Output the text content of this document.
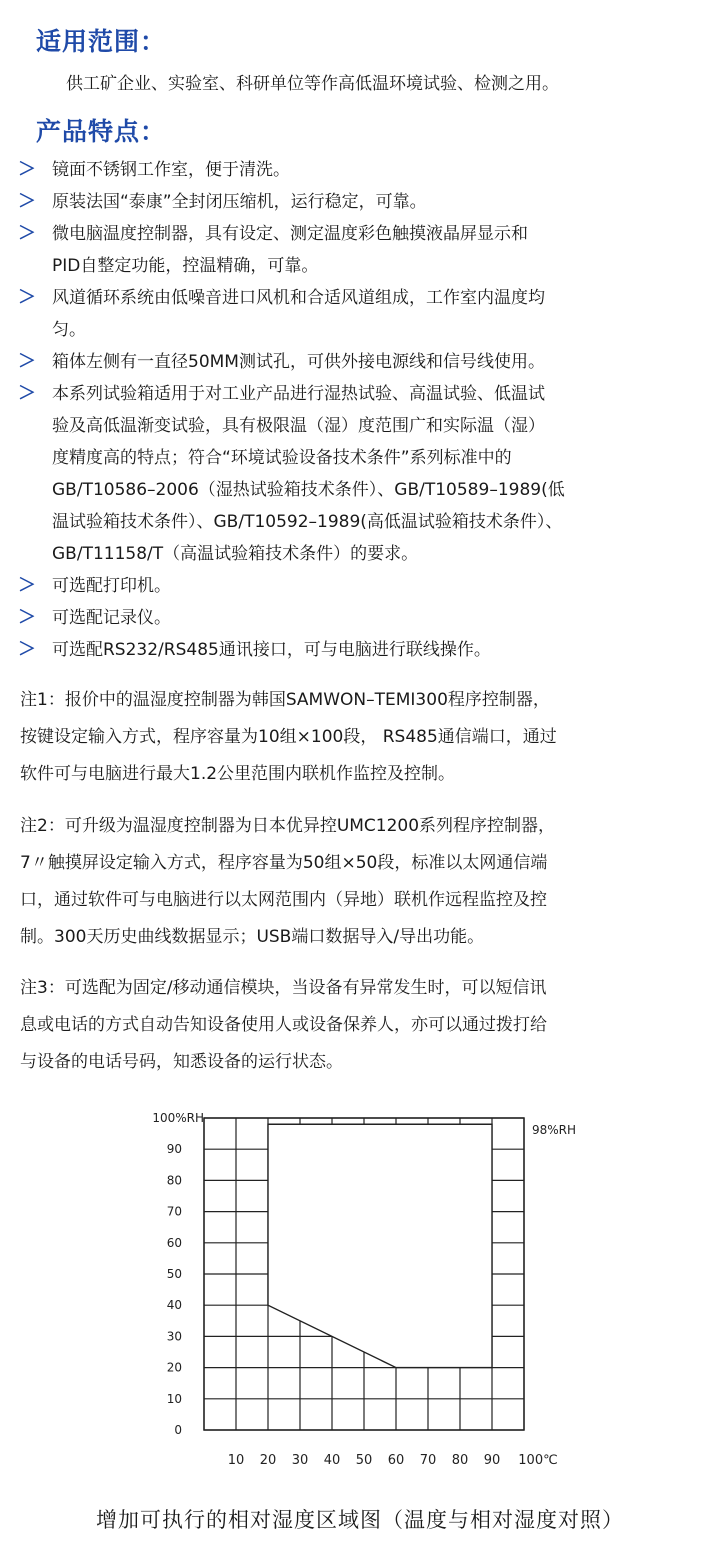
适用范围：
供工矿企业、实验室、科研单位等作高低温环境试验、检测之用。
产品特点：
＞ 镜面不锈钢工作室，便于清洗。
＞ 原装法国“泰康”全封闭压缩机，运行稳定，可靠。
＞ 微电脑温度控制器，具有设定、测定温度彩色触摸液晶屏显示和
PID自整定功能，控温精确，可靠。
＞ 风道循环系统由低噪音进口风机和合适风道组成，工作室内温度均
匀。
＞ 箱体左侧有一直径50MM测试孔，可供外接电源线和信号线使用。
＞ 本系列试验箱适用于对工业产品进行湿热试验、高温试验、低温试
验及高低温渐变试验，具有极限温（湿）度范围广和实际温（湿）
度精度高的特点；符合“环境试验设备技术条件”系列标准中的
GB/T10586–2006（湿热试验箱技术条件）、GB/T10589–1989(低
温试验箱技术条件）、GB/T10592–1989(高低温试验箱技术条件）、
GB/T11158/T（高温试验箱技术条件）的要求。
＞ 可选配打印机。
＞ 可选配记录仪。
＞ 可选配RS232/RS485通讯接口，可与电脑进行联线操作。
注1：报价中的温湿度控制器为韩国SAMWON–TEMI300程序控制器，
按键设定输入方式，程序容量为10组×100段， RS485通信端口，通过
软件可与电脑进行最大1.2公里范围内联机作监控及控制。
注2：可升级为温湿度控制器为日本优异控UMC1200系列程序控制器，
7〃触摸屏设定输入方式，程序容量为50组×50段，标准以太网通信端
口，通过软件可与电脑进行以太网范围内（异地）联机作远程监控及控
制。300天历史曲线数据显示；USB端口数据导入/导出功能。
注3：可选配为固定/移动通信模块，当设备有异常发生时，可以短信讯
息或电话的方式自动告知设备使用人或设备保养人，亦可以通过拨打给
与设备的电话号码，知悉设备的运行状态。
0
10
20
30
40
50
60
70
80
90
100%RH
10 20 30 40 50 60 70 80 90 100℃
98%RH
增加可执行的相对湿度区域图（温度与相对湿度对照）
